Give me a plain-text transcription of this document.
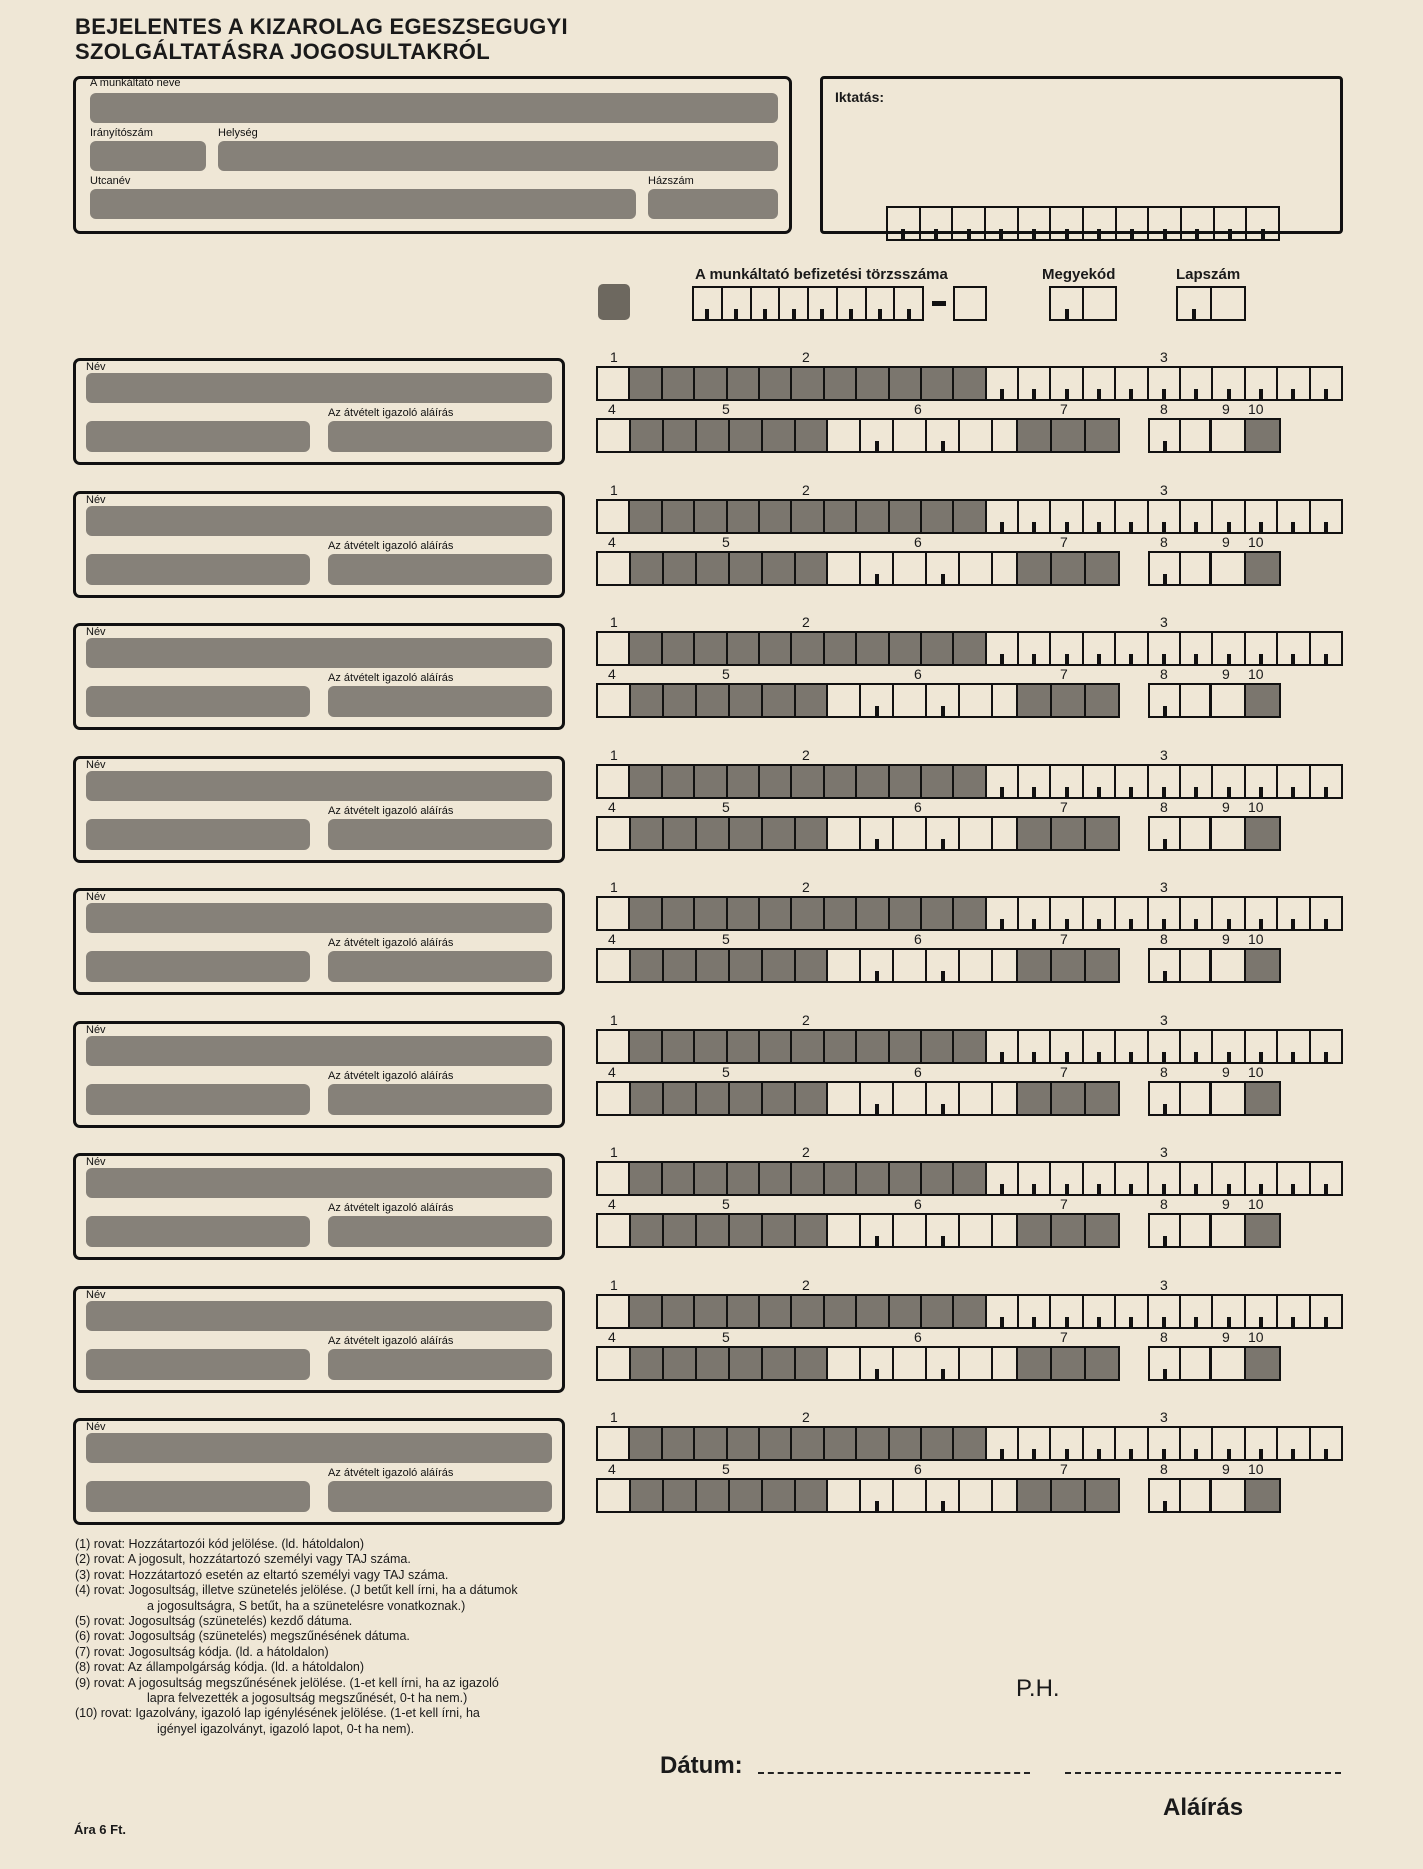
BEJELENTES A KIZAROLAG EGESZSEGUGYI
SZOLGÁLTATÁSRA JOGOSULTAKRÓL
A munkáltató neve
Irányítószám	Helység
Utcanév	Házszám
Iktatás:
A munkáltató befizetési törzsszáma	Megyekód	Lapszám
Név
Az átvételt igazoló aláírás
1	2	3
4	5	6	7	8	9 10
Név
Az átvételt igazoló aláírás
1	2	3
4	5	6	7	8	9 10
Név
Az átvételt igazoló aláírás
1	2	3
4	5	6	7	8	9 10
Név
Az átvételt igazoló aláírás
1	2	3
4	5	6	7	8	9 10
Név
Az átvételt igazoló aláírás
1	2	3
4	5	6	7	8	9 10
Név
Az átvételt igazoló aláírás
1	2	3
4	5	6	7	8	9 10
Név
Az átvételt igazoló aláírás
1	2	3
4	5	6	7	8	9 10
Név
Az átvételt igazoló aláírás
1	2	3
4	5	6	7	8	9 10
Név
Az átvételt igazoló aláírás
1	2	3
4	5	6	7	8	9 10
(1) rovat: Hozzátartozói kód jelölése. (ld. hátoldalon)
(2) rovat: A jogosult, hozzátartozó személyi vagy TAJ száma.
(3) rovat: Hozzátartozó esetén az eltartó személyi vagy TAJ száma.
(4) rovat: Jogosultság, illetve szünetelés jelölése. (J betűt kell írni, ha a dátumok
a jogosultságra, S betűt, ha a szünetelésre vonatkoznak.)
(5) rovat: Jogosultság (szünetelés) kezdő dátuma.
(6) rovat: Jogosultság (szünetelés) megszűnésének dátuma.
(7) rovat: Jogosultság kódja. (ld. a hátoldalon)
(8) rovat: Az állampolgárság kódja. (ld. a hátoldalon)
(9) rovat: A jogosultság megszűnésének jelölése. (1-et kell írni, ha az igazoló
lapra felvezették a jogosultság megszűnését, 0-t ha nem.)
(10) rovat: Igazolvány, igazoló lap igénylésének jelölése. (1-et kell írni, ha
igényel igazolványt, igazoló lapot, 0-t ha nem).
P.H.
Dátum:
Aláírás
Ára 6 Ft.
